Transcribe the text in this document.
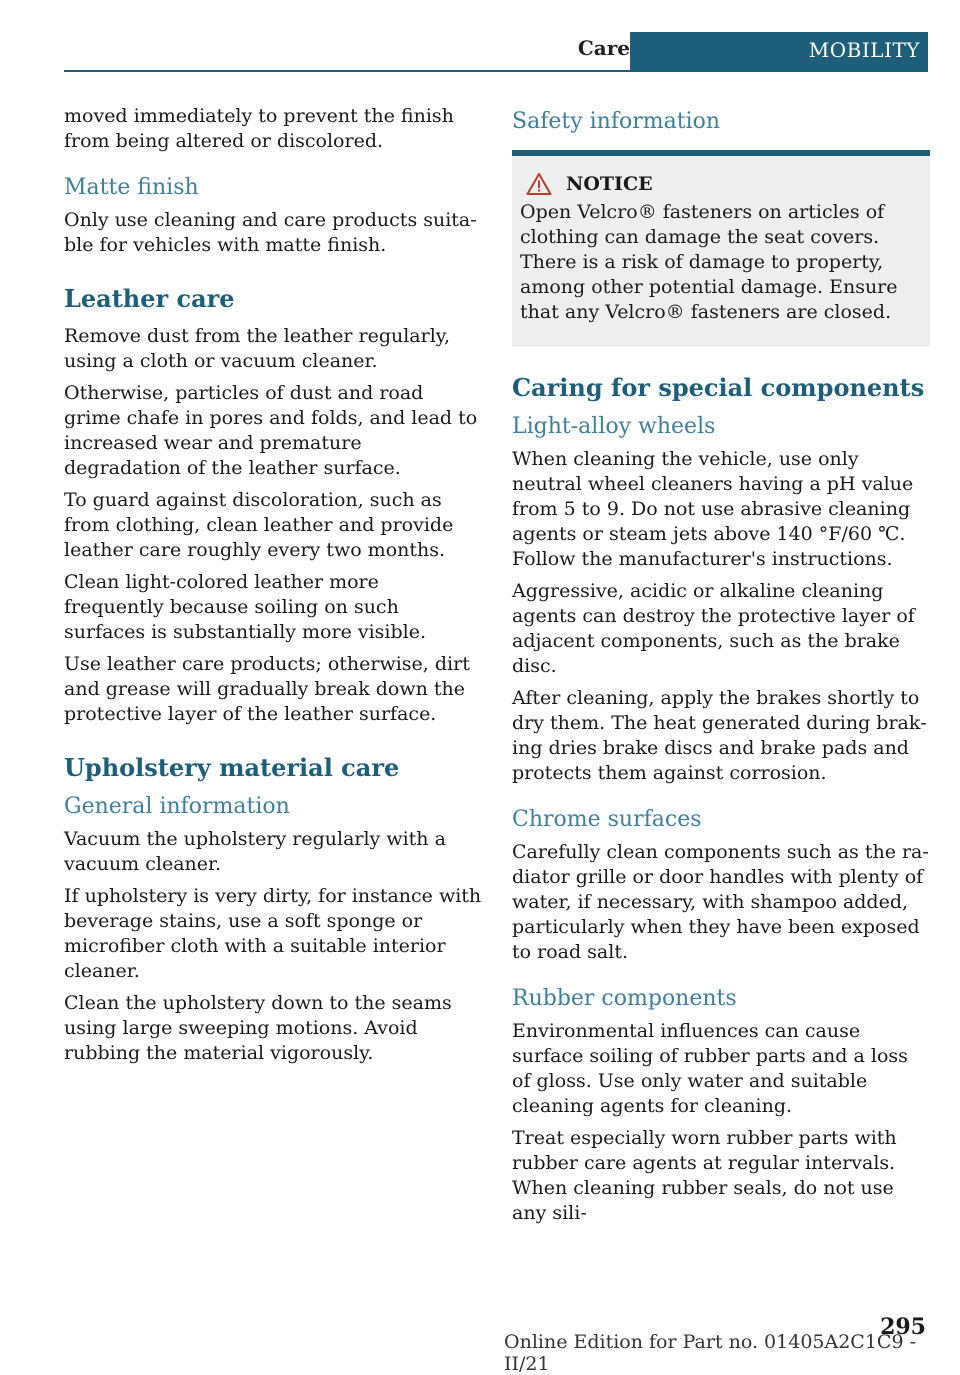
Care	MOBILITY

moved immediately to prevent the finish from being altered or discolored.

Matte finish

Only use cleaning and care products suitable for vehicles with matte finish.

Leather care

Remove dust from the leather regularly, using a cloth or vacuum cleaner.

Otherwise, particles of dust and road grime chafe in pores and folds, and lead to increased wear and premature degradation of the leather surface.

To guard against discoloration, such as from clothing, clean leather and provide leather care roughly every two months.

Clean light-colored leather more frequently because soiling on such surfaces is substantially more visible.

Use leather care products; otherwise, dirt and grease will gradually break down the protective layer of the leather surface.

Upholstery material care
General information

Vacuum the upholstery regularly with a vacuum cleaner.

If upholstery is very dirty, for instance with beverage stains, use a soft sponge or microfiber cloth with a suitable interior cleaner.

Clean the upholstery down to the seams using large sweeping motions. Avoid rubbing the material vigorously.

Safety information
NOTICE

Open Velcro® fasteners on articles of clothing can damage the seat covers. There is a risk of damage to property, among other potential damage. Ensure that any Velcro® fasteners are closed.

Caring for special components
Light-alloy wheels

When cleaning the vehicle, use only neutral wheel cleaners having a pH value from 5 to 9. Do not use abrasive cleaning agents or steam jets above 140 °F/60 ℃. Follow the manufacturer's instructions.

Aggressive, acidic or alkaline cleaning agents can destroy the protective layer of adjacent components, such as the brake disc.

After cleaning, apply the brakes shortly to dry them. The heat generated during braking dries brake discs and brake pads and protects them against corrosion.

Chrome surfaces

Carefully clean components such as the radiator grille or door handles with plenty of water, if necessary, with shampoo added, particularly when they have been exposed to road salt.

Rubber components

Environmental influences can cause surface soiling of rubber parts and a loss of gloss. Use only water and suitable cleaning agents for cleaning.

Treat especially worn rubber parts with rubber care agents at regular intervals. When cleaning rubber seals, do not use any sili-

295
Online Edition for Part no. 01405A2C1C9 - II/21
